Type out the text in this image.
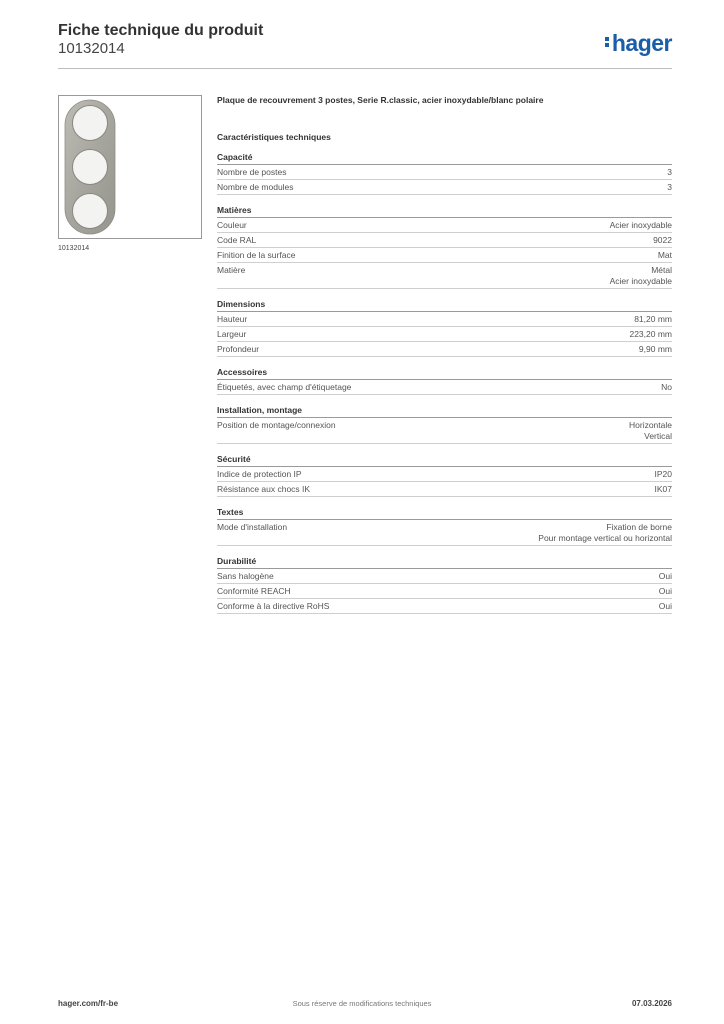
Fiche technique du produit
10132014	hager
10132014
Plaque de recouvrement 3 postes, Serie R.classic, acier inoxydable/blanc polaire
Caractéristiques techniques
Capacité
Nombre de postes	3
Nombre de modules	3
Matières
Couleur	Acier inoxydable
Code RAL	9022
Finition de la surface	Mat
Matière	Métal
Acier inoxydable
Dimensions
Hauteur	81,20 mm
Largeur	223,20 mm
Profondeur	9,90 mm
Accessoires
Étiquetés, avec champ d'étiquetage	No
Installation, montage
Position de montage/connexion	Horizontale
Vertical
Sécurité
Indice de protection IP	IP20
Résistance aux chocs IK	IK07
Textes
Mode d'installation	Fixation de borne
Pour montage vertical ou horizontal
Durabilité
Sans halogène	Oui
Conformité REACH	Oui
Conforme à la directive RoHS	Oui
hager.com/fr-be	Sous réserve de modifications techniques	07.03.2026
